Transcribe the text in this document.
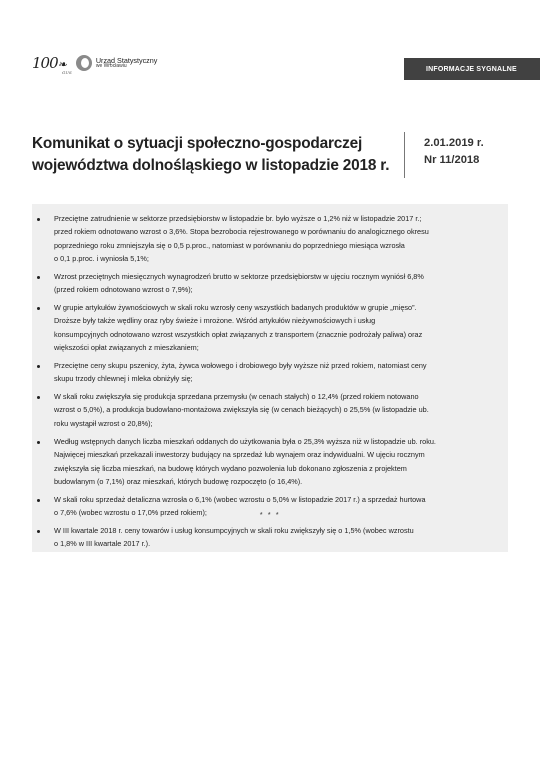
100❧
GUS
Urząd Statystyczny
we Wrocławiu	INFORMACJE SYGNALNE
Komunikat o sytuacji społeczno-gospodarczej
województwa dolnośląskiego w listopadzie 2018 r.
2.01.2019 r.
Nr 11/2018
Przeciętne zatrudnienie w sektorze przedsiębiorstw w listopadzie br. było wyższe o 1,2% niż w listopadzie 2017 r.;
przed rokiem odnotowano wzrost o 3,6%. Stopa bezrobocia rejestrowanego w porównaniu do analogicznego okresu
poprzedniego roku zmniejszyła się o 0,5 p.proc., natomiast w porównaniu do poprzedniego miesiąca wzrosła
o 0,1 p.proc. i wyniosła 5,1%;
Wzrost przeciętnych miesięcznych wynagrodzeń brutto w sektorze przedsiębiorstw w ujęciu rocznym wyniósł 6,8%
(przed rokiem odnotowano wzrost o 7,9%);
W grupie artykułów żywnościowych w skali roku wzrosły ceny wszystkich badanych produktów w grupie „mięso”.
Droższe były także wędliny oraz ryby świeże i mrożone. Wśród artykułów nieżywnościowych i usług
konsumpcyjnych odnotowano wzrost wszystkich opłat związanych z transportem (znacznie podrożały paliwa) oraz
większości opłat związanych z mieszkaniem;
Przeciętne ceny skupu pszenicy, żyta, żywca wołowego i drobiowego były wyższe niż przed rokiem, natomiast ceny
skupu trzody chlewnej i mleka obniżyły się;
W skali roku zwiększyła się produkcja sprzedana przemysłu (w cenach stałych) o 12,4% (przed rokiem notowano
wzrost o 5,0%), a produkcja budowlano-montażowa zwiększyła się (w cenach bieżących) o 25,5% (w listopadzie ub.
roku wystąpił wzrost o 20,8%);
Według wstępnych danych liczba mieszkań oddanych do użytkowania była o 25,3% wyższa niż w listopadzie ub. roku.
Najwięcej mieszkań przekazali inwestorzy budujący na sprzedaż lub wynajem oraz indywidualni. W ujęciu rocznym
zwiększyła się liczba mieszkań, na budowę których wydano pozwolenia lub dokonano zgłoszenia z projektem
budowlanym (o 7,1%) oraz mieszkań, których budowę rozpoczęto (o 16,4%).
W skali roku sprzedaż detaliczna wzrosła o 6,1% (wobec wzrostu o 5,0% w listopadzie 2017 r.) a sprzedaż hurtowa
o 7,6% (wobec wzrostu o 17,0% przed rokiem);
W III kwartale 2018 r. ceny towarów i usług konsumpcyjnych w skali roku zwiększyły się o 1,5% (wobec wzrostu
o 1,8% w III kwartale 2017 r.).
* * *
